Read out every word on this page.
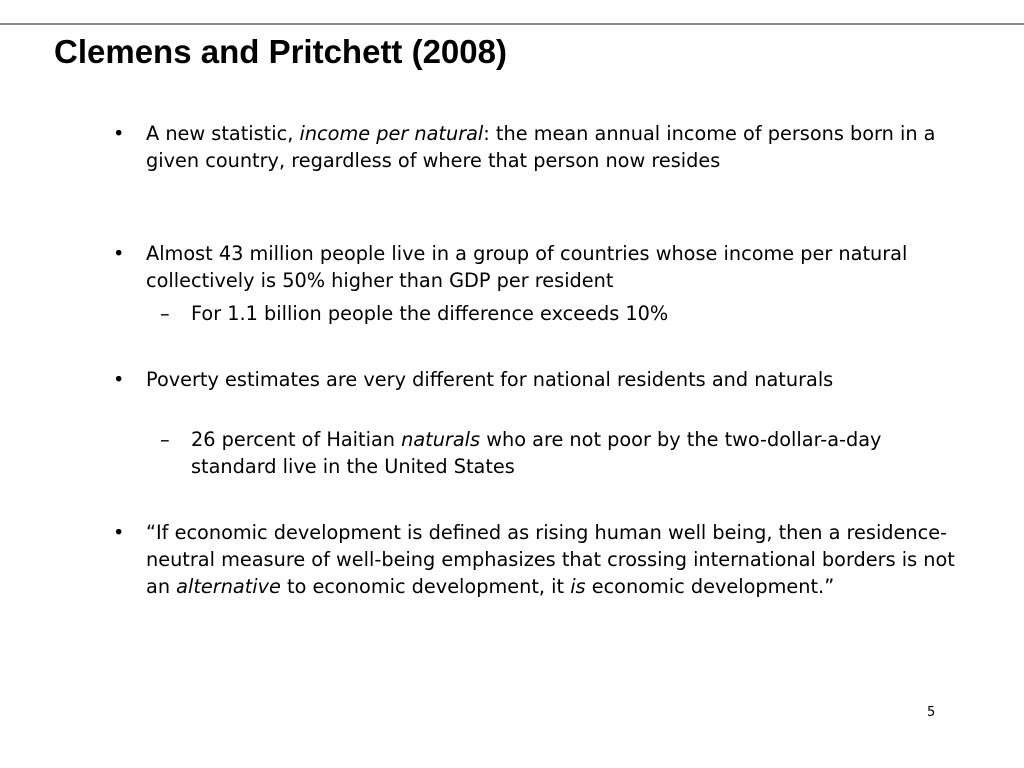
Clemens and Pritchett (2008)
• A new statistic, income per natural: the mean annual income of persons born in a given country, regardless of where that person now resides
• Almost 43 million people live in a group of countries whose income per natural collectively is 50% higher than GDP per resident
– For 1.1 billion people the difference exceeds 10%
• Poverty estimates are very different for national residents and naturals
– 26 percent of Haitian naturals who are not poor by the two-dollar-a-day standard live in the United States
• “If economic development is defined as rising human well being, then a residence-neutral measure of well-being emphasizes that crossing international borders is not an alternative to economic development, it is economic development.”
5
